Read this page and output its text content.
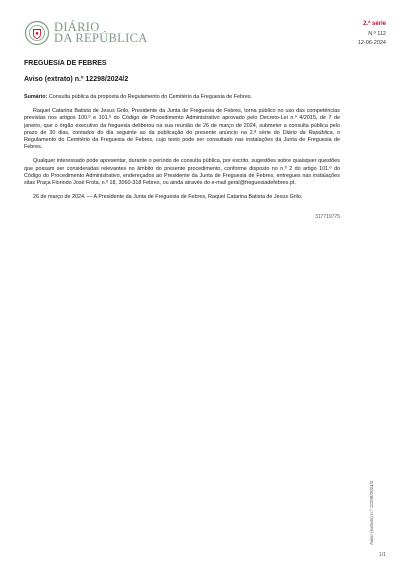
DIÁRIO
DA REPÚBLICA
2.ª série
N.º 112
12-06-2024
FREGUESIA DE FEBRES
Aviso (extrato) n.º 12298/2024/2
Sumário: Consulta pública da proposta do Regulamento do Cemitério da Freguesia de Febres.

Raquel Catarina Batista de Jesus Grilo, Presidente da Junta de Freguesia de Febres, torna público no uso das competências previstas nos artigos 100.º e 101.º do Código de Procedimento Administrativo aprovado pelo Decreto-Lei n.º 4/2015, de 7 de janeiro, que o órgão executivo da freguesia deliberou na sua reunião de 26 de março de 2024, submeter a consulta pública pelo prazo de 30 dias, contados do dia seguinte ao da publicação do presente anúncio na 2.ª série do Diário da República, o Regulamento do Cemitério da Freguesia de Febres, cujo texto pode ser consultado nas instalações da Junta de Freguesia de Febres.

Qualquer interessado pode apresentar, durante o período de consulta pública, por escrito, sugestões sobre quaisquer questões que possam ser consideradas relevantes no âmbito do presente procedimento, conforme disposto no n.º 2 do artigo 101.º do Código do Procedimento Administrativo, endereçados ao Presidente da Junta de Freguesia de Febres, entregues nas instalações sitas Praça Florindo José Frota, n.º 18, 3060-318 Febres, ou ainda através do e-mail geral@freguesiadefebres.pt.

26 de março de 2024. — A Presidente da Junta de Freguesia de Febres, Raquel Catarina Batista de Jesus Grilo.

317719775
Aviso (extrato) n.º 12298/2024/2
1/1
